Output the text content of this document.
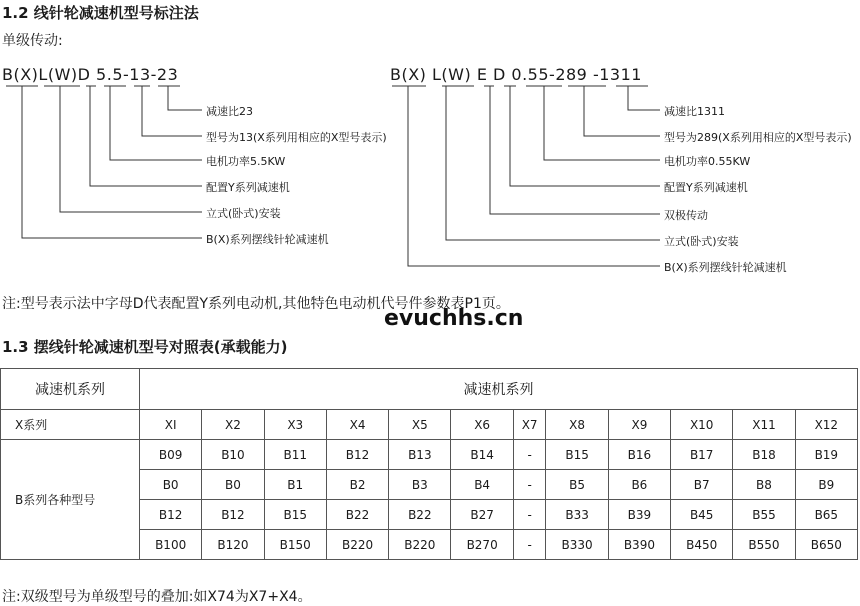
1.2 线针轮减速机型号标注法
单级传动:
B(X)L(W)D 5.5-13-23
减速比23
型号为13(X系列用相应的X型号表示)
电机功率5.5KW
配置Y系列减速机
立式(卧式)安装
B(X)系列摆线针轮减速机
B(X) L(W) E D 0.55-289 -1311
减速比1311
型号为289(X系列用相应的X型号表示)
电机功率0.55KW
配置Y系列减速机
双极传动
立式(卧式)安装
B(X)系列摆线针轮减速机
注:型号表示法中字母D代表配置Y系列电动机,其他特色电动机代号件参数表P1页。
evuchhs.cn
1.3 摆线针轮减速机型号对照表(承载能力)
减速机系列	减速机系列											
X系列	XI	X2	X3	X4	X5	X6	X7	X8	X9	X10	X11	X12
B系列各种型号	B09	B10	B11	B12	B13	B14	-	B15	B16	B17	B18	B19
	B0	B0	B1	B2	B3	B4	-	B5	B6	B7	B8	B9
	B12	B12	B15	B22	B22	B27	-	B33	B39	B45	B55	B65
	B100	B120	B150	B220	B220	B270	-	B330	B390	B450	B550	B650
注:双级型号为单级型号的叠加:如X74为X7+X4。
